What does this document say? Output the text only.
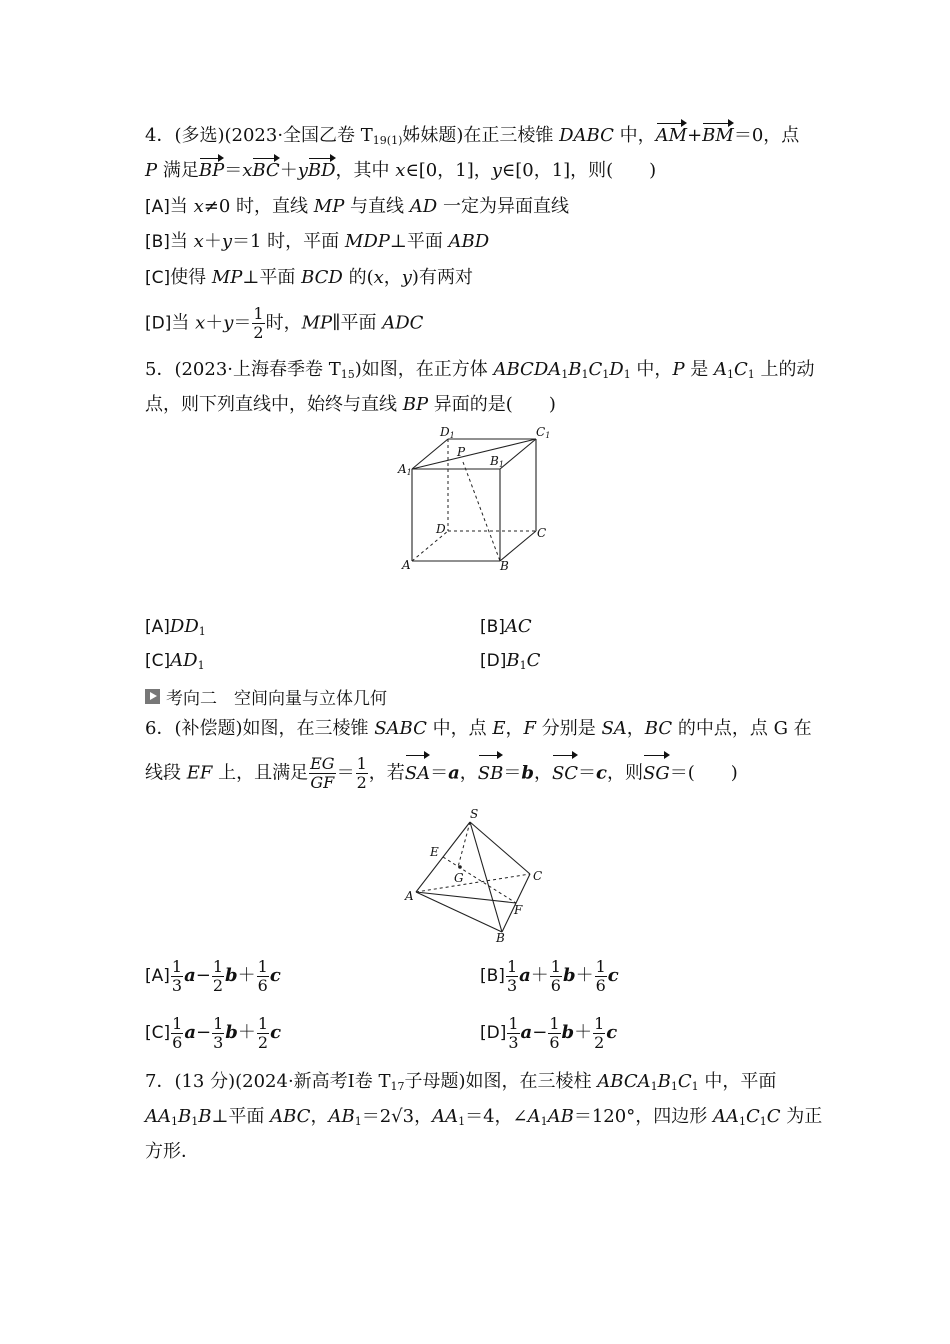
4．(多选)(2023·全国乙卷 $T_{19(1)}$姊妹题)在正三棱锥 DABC 中，AM+BM＝0，点
P 满足BP＝xBC＋yBD，其中 x∈[0，1]，y∈[0，1]，则(　　)
[A]当 x≠0 时，直线 MP 与直线 AD 一定为异面直线
[B]当 x＋y＝1 时，平面 MDP⊥平面 ABD
[C]使得 MP⊥平面 BCD 的(x，y)有两对
[D]当 $x+y= \frac{1}{2}$ 时，MP∥平面 ADC
5．(2023·上海春季卷 $T_{15}$)如图，在正方体 $ABCDA_1B_1C_1D_1$ 中，P 是 $A_1C_1$ 上的动
点，则下列直线中，始终与直线 BP 异面的是(　　)
D1	C1
A1
P
B1
D	C
A	B
$[A]DD_1$	[B]AC
$[C]AD_1$	$[D]B_1C$
考向二　空间向量与立体几何
6．(补偿题)如图，在三棱锥 SABC 中，点 E，F 分别是 SA，BC 的中点，点 G 在
线段 EF 上，且满足 $\frac{EG}{GF} = \frac{1}{2}$ ，若SA＝a，SB＝b，SC＝c，则SG＝(　　)
S
E
G	C
A
F
B
$[A] \frac{1}{3} a- \frac{1}{2} b+ \frac{1}{6}$ c	$[B] \frac{1}{3} a+ \frac{1}{6} b+ \frac{1}{6}$ c
$[C] \frac{1}{6} a- \frac{1}{3} b+ \frac{1}{2}$ c	$[D] \frac{1}{3} a- \frac{1}{6} b+ \frac{1}{2}$ c
7．(13 分)(2024·新高考Ⅰ卷 $T_{17}$子母题)如图，在三棱柱 $ABCA_1B_1C_1$ 中，平面
$AA_1B_1B\perp$平面 ABC，$AB_1=2√3$，$AA_1=4$，$\angle A_1AB=120^\circ$，四边形 $AA_1C_1C$ 为正
方形．
